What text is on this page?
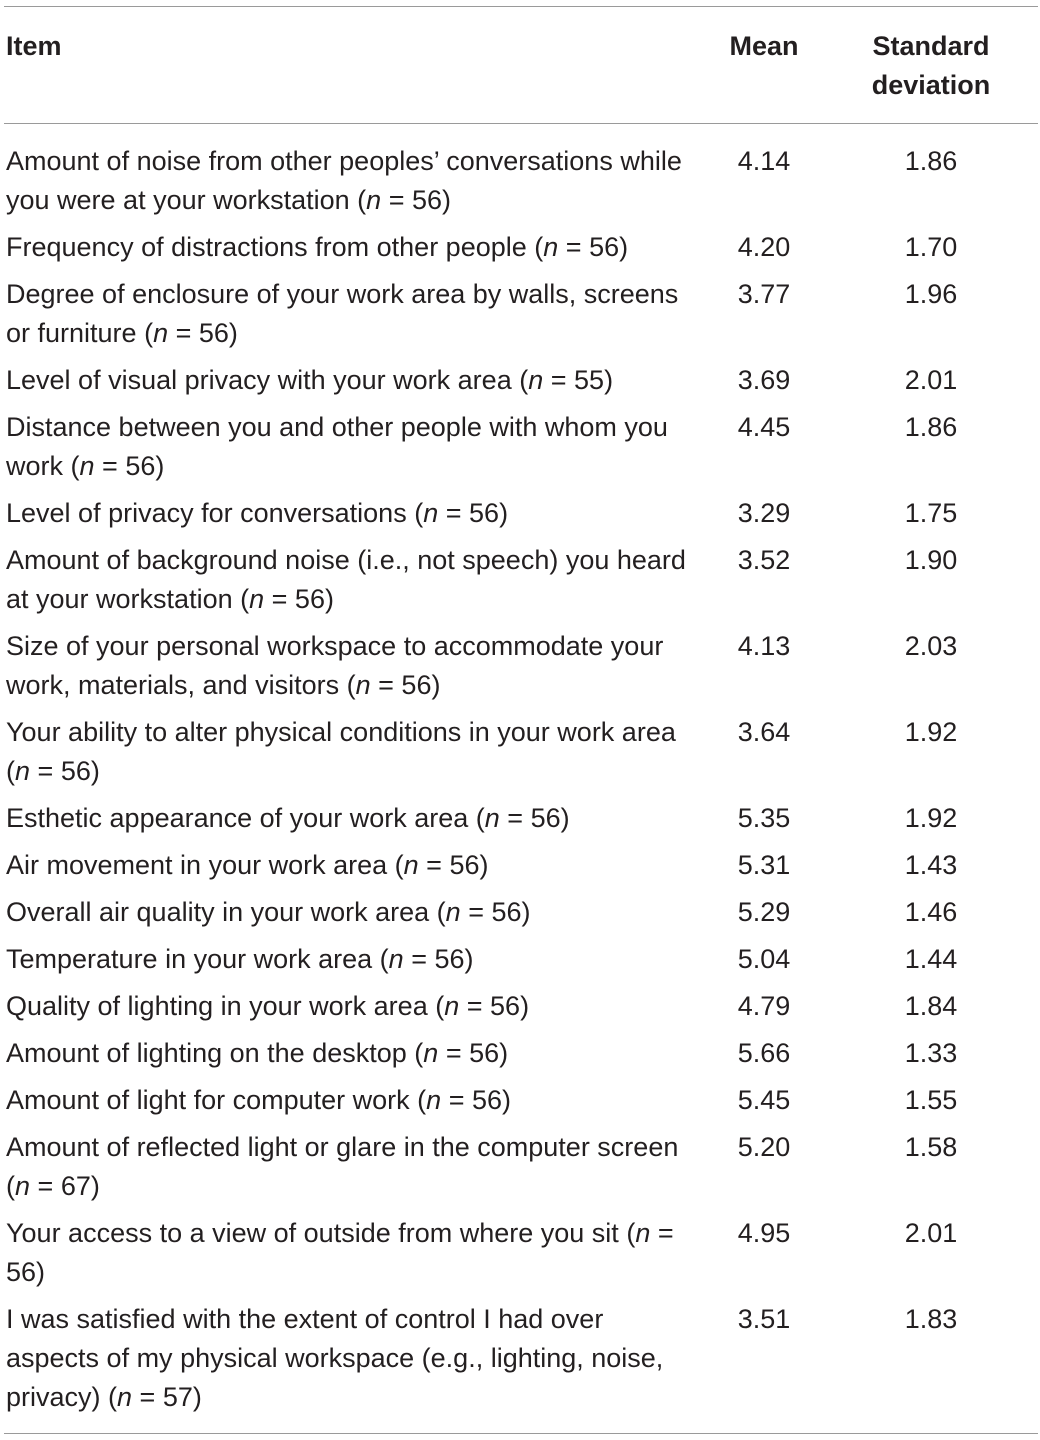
Item	Mean	Standard
deviation
Amount of noise from other peoples’ conversations while you were at your workstation (n = 56)	4.14	1.86
Frequency of distractions from other people (n = 56)	4.20	1.70
Degree of enclosure of your work area by walls, screens or furniture (n = 56)	3.77	1.96
Level of visual privacy with your work area (n = 55)	3.69	2.01
Distance between you and other people with whom you work (n = 56)	4.45	1.86
Level of privacy for conversations (n = 56)	3.29	1.75
Amount of background noise (i.e., not speech) you heard at your workstation (n = 56)	3.52	1.90
Size of your personal workspace to accommodate your work, materials, and visitors (n = 56)	4.13	2.03
Your ability to alter physical conditions in your work area (n = 56)	3.64	1.92
Esthetic appearance of your work area (n = 56)	5.35	1.92
Air movement in your work area (n = 56)	5.31	1.43
Overall air quality in your work area (n = 56)	5.29	1.46
Temperature in your work area (n = 56)	5.04	1.44
Quality of lighting in your work area (n = 56)	4.79	1.84
Amount of lighting on the desktop (n = 56)	5.66	1.33
Amount of light for computer work (n = 56)	5.45	1.55
Amount of reflected light or glare in the computer screen (n = 67)	5.20	1.58
Your access to a view of outside from where you sit (n = 56)	4.95	2.01
I was satisfied with the extent of control I had over aspects of my physical workspace (e.g., lighting, noise, privacy) (n = 57)	3.51	1.83
